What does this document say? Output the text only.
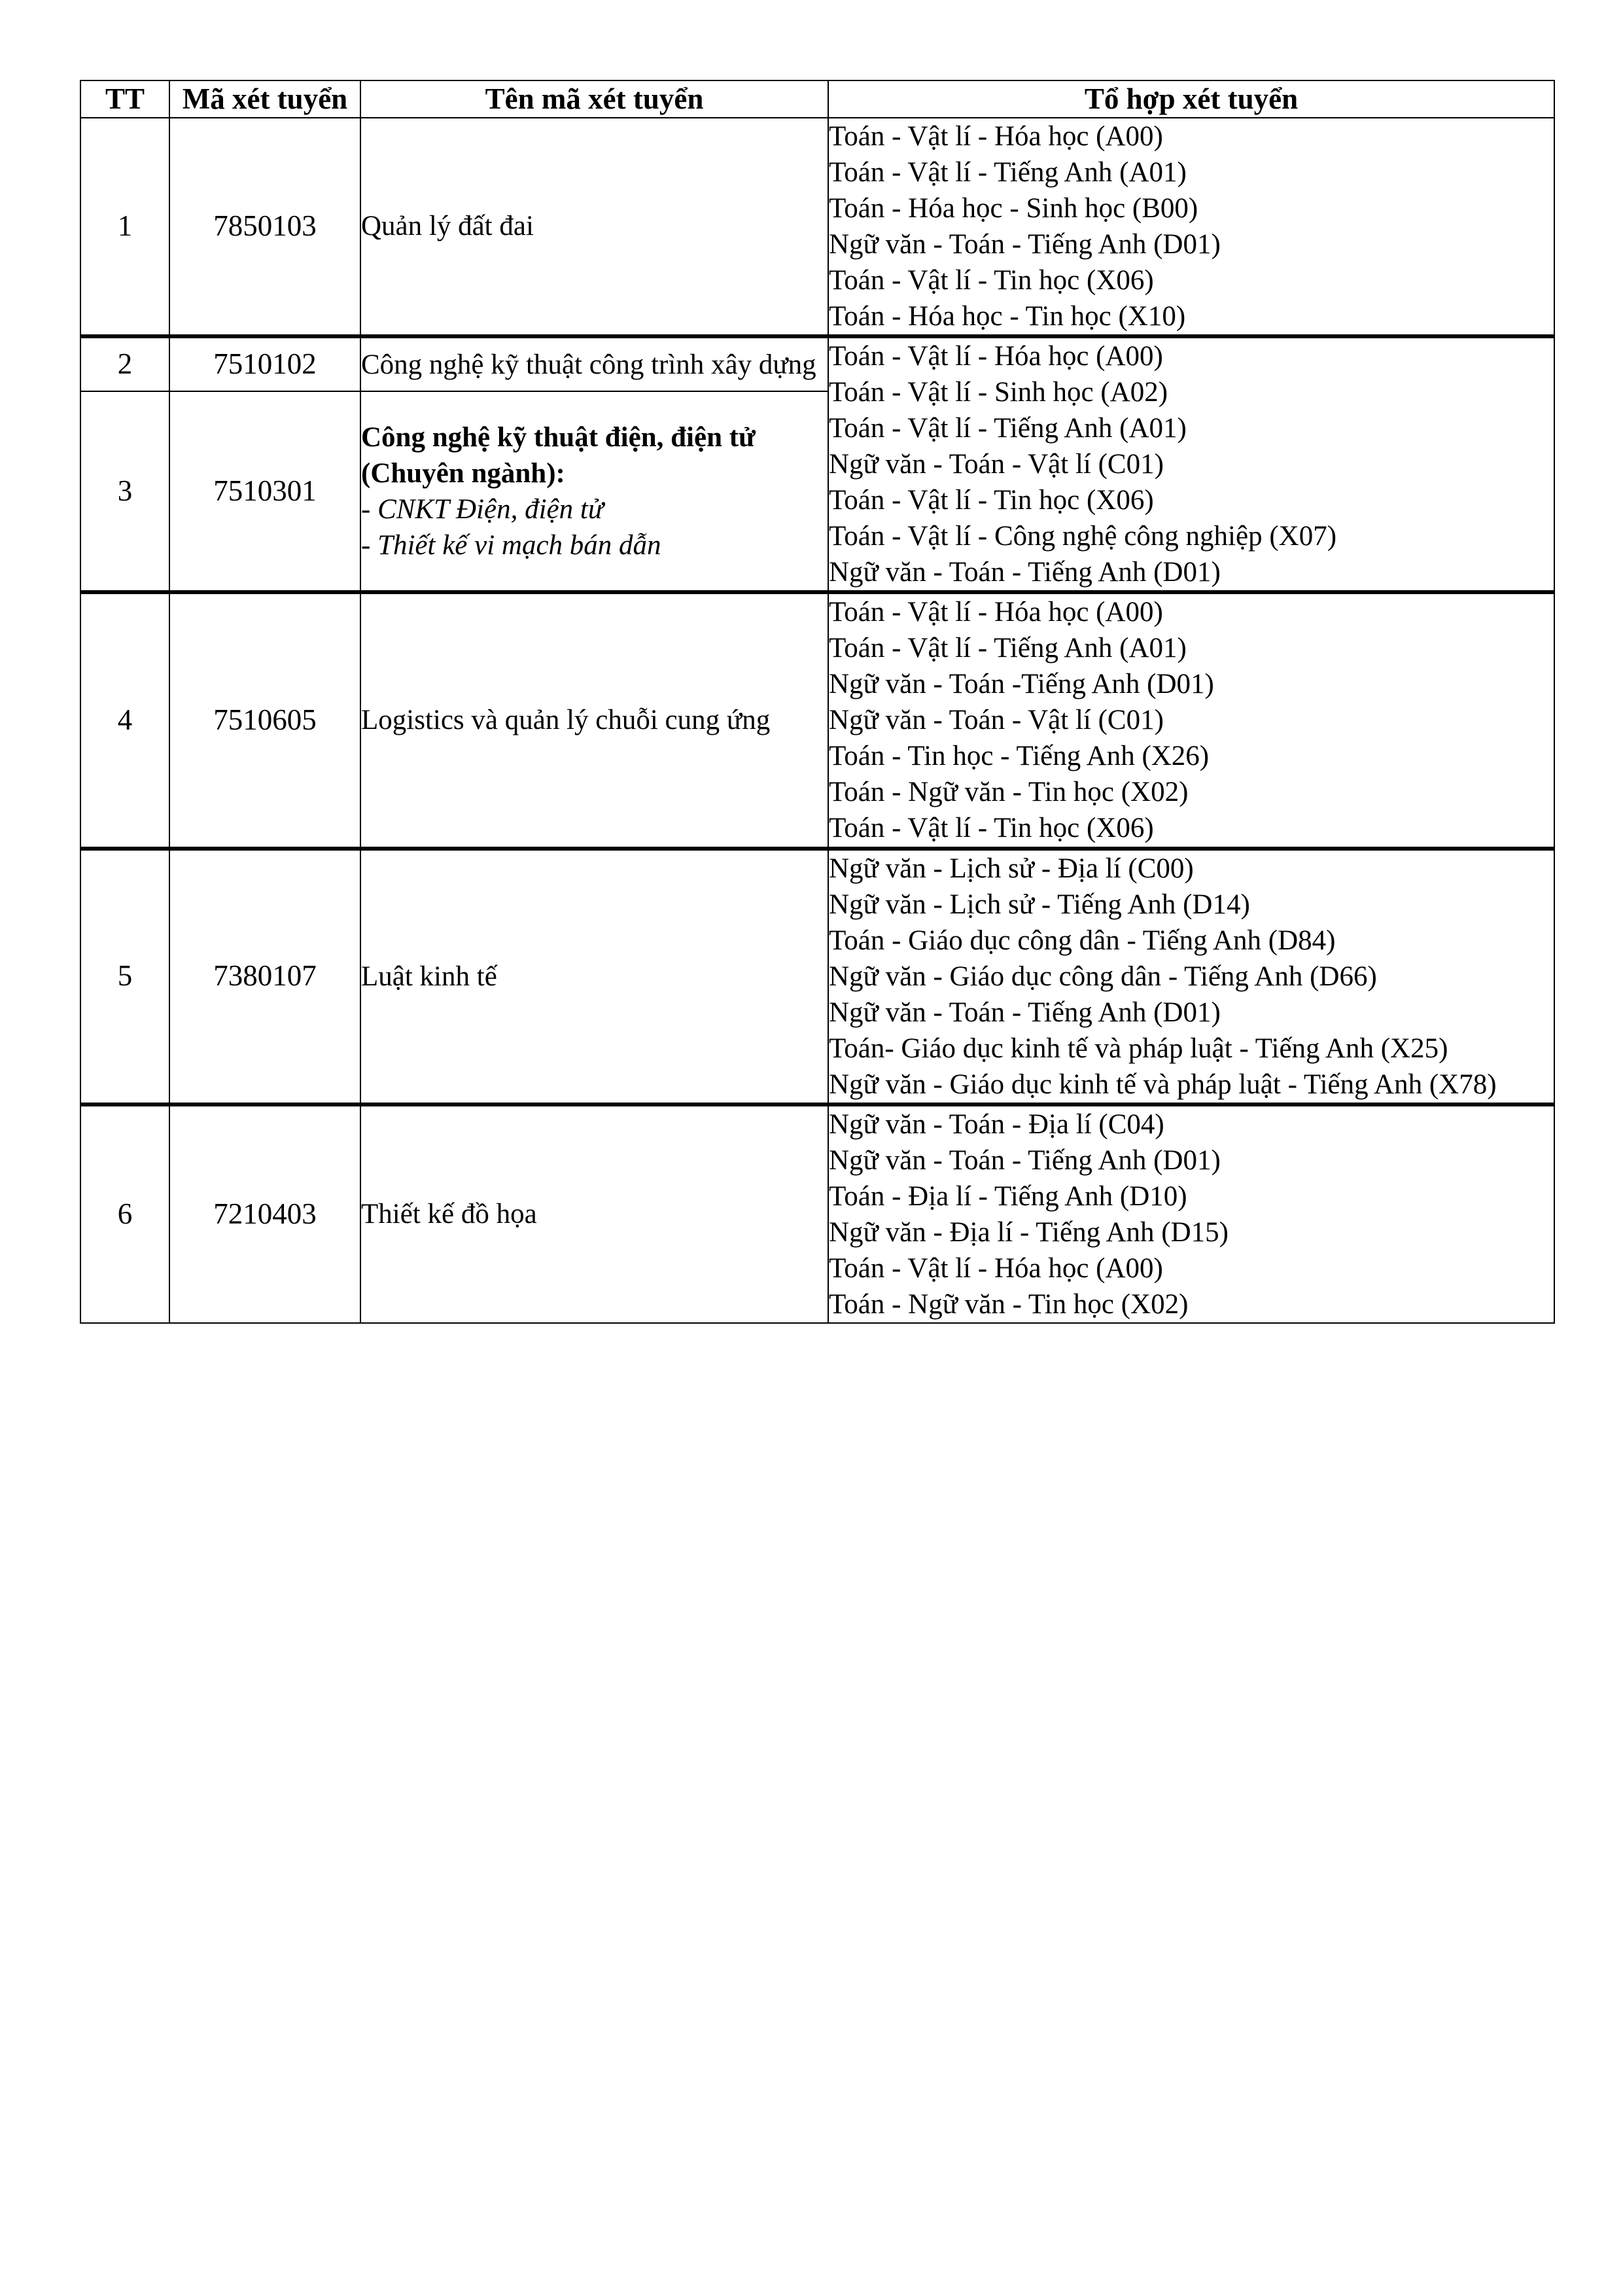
TT	Mã xét tuyển	Tên mã xét tuyển	Tổ hợp xét tuyển
1	7850103	Quản lý đất đai	
Toán - Vật lí - Hóa học (A00)
Toán - Vật lí - Tiếng Anh (A01)
Toán - Hóa học - Sinh học (B00)
Ngữ văn - Toán - Tiếng Anh (D01)
Toán - Vật lí - Tin học (X06)
Toán - Hóa học - Tin học (X10)

2	7510102	Công nghệ kỹ thuật công trình xây dựng	Toán - Vật lí - Hóa học (A00)
Toán - Vật lí - Sinh học (A02)
Toán - Vật lí - Tiếng Anh (A01)
Ngữ văn - Toán - Vật lí (C01)
Toán - Vật lí - Tin học (X06)
Toán - Vật lí - Công nghệ công nghiệp (X07)
Ngữ văn - Toán - Tiếng Anh (D01)

3	7510301	Công nghệ kỹ thuật điện, điện tử (Chuyên ngành):
- CNKT Điện, điện tử
- Thiết kế vi mạch bán dẫn	

4	7510605	Logistics và quản lý chuỗi cung ứng	
Toán - Vật lí - Hóa học (A00)
Toán - Vật lí - Tiếng Anh (A01)
Ngữ văn - Toán -Tiếng Anh (D01)
Ngữ văn - Toán - Vật lí (C01)
Toán - Tin học - Tiếng Anh (X26)
Toán - Ngữ văn - Tin học (X02)
Toán - Vật lí - Tin học (X06)

5	7380107	Luật kinh tế	
Ngữ văn - Lịch sử - Địa lí (C00)
Ngữ văn - Lịch sử - Tiếng Anh (D14)
Toán - Giáo dục công dân - Tiếng Anh (D84)
Ngữ văn - Giáo dục công dân - Tiếng Anh (D66)
Ngữ văn - Toán - Tiếng Anh (D01)
Toán- Giáo dục kinh tế và pháp luật - Tiếng Anh (X25)
Ngữ văn - Giáo dục kinh tế và pháp luật - Tiếng Anh (X78)

6	7210403	Thiết kế đồ họa	
Ngữ văn - Toán - Địa lí (C04)
Ngữ văn - Toán - Tiếng Anh (D01)
Toán - Địa lí - Tiếng Anh (D10)
Ngữ văn - Địa lí - Tiếng Anh (D15)
Toán - Vật lí - Hóa học (A00)
Toán - Ngữ văn - Tin học (X02)
